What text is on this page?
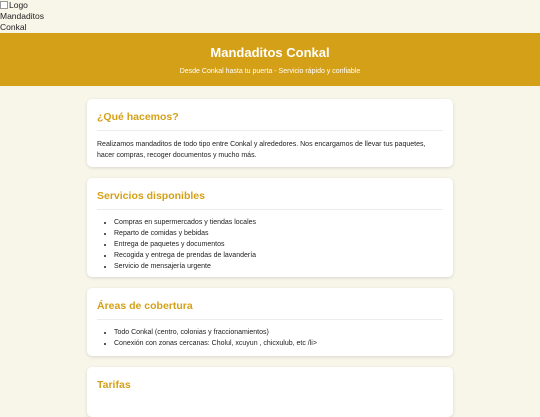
Logo Mandaditos Conkal
Mandaditos Conkal
Desde Conkal hasta tu puerta - Servicio rápido y confiable
¿Qué hacemos?

Realizamos mandaditos de todo tipo entre Conkal y alrededores. Nos encargamos de llevar tus paquetes, hacer compras, recoger documentos y mucho más.

Servicios disponibles
• Compras en supermercados y tiendas locales
• Reparto de comidas y bebidas
• Entrega de paquetes y documentos
• Recogida y entrega de prendas de lavandería
• Servicio de mensajería urgente
Áreas de cobertura
• Todo Conkal (centro, colonias y fraccionamientos)
• Conexión con zonas cercanas: Cholul, xcuyun , chicxulub, etc /li>
Tarifas
